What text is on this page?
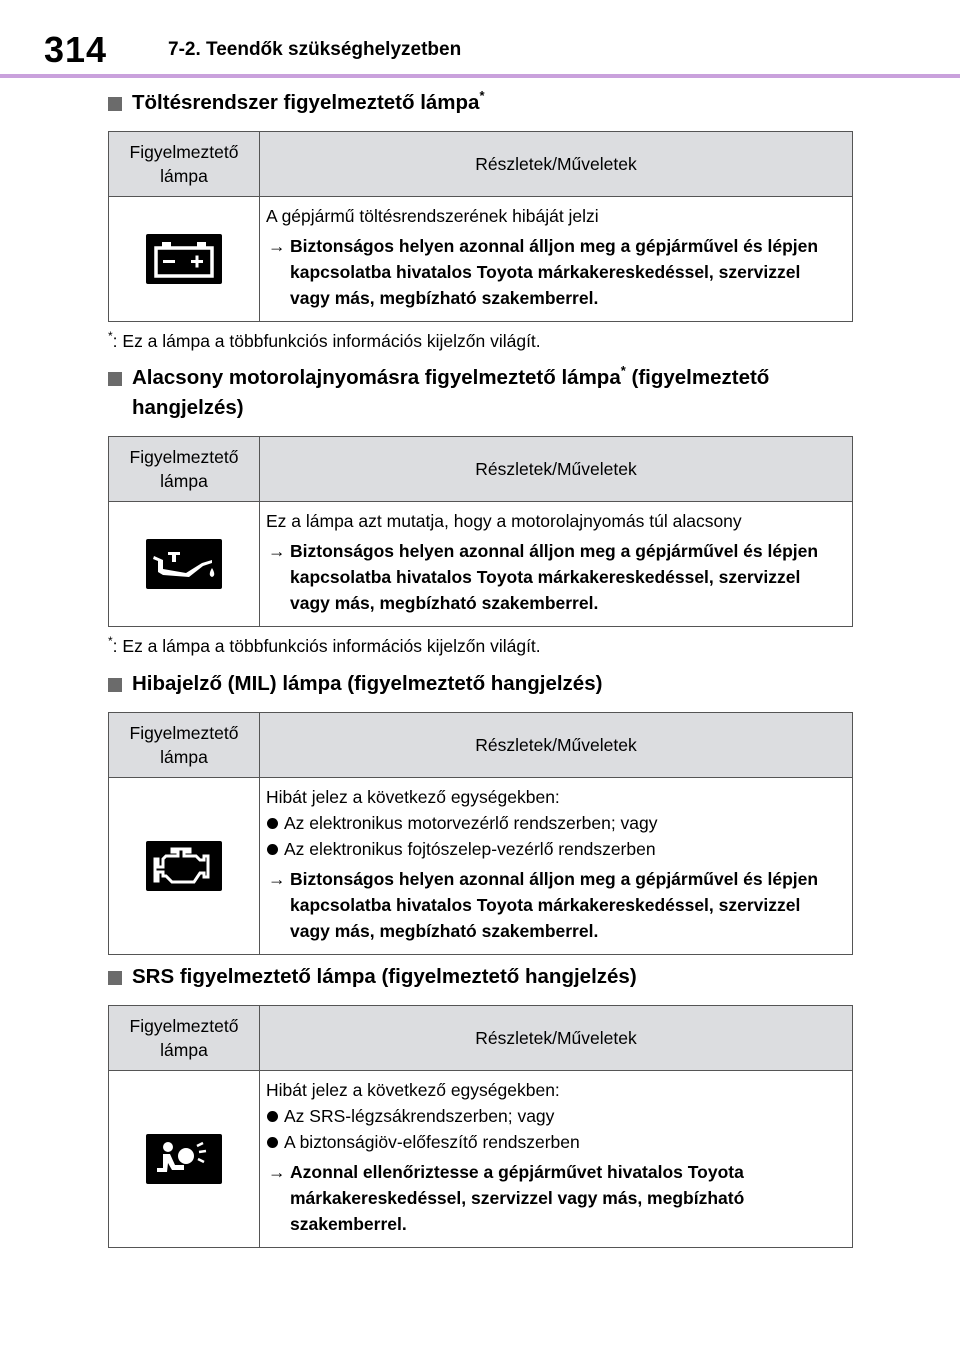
314	7-2. Teendők szükséghelyzetben
Töltésrendszer figyelmeztető lámpa*
Figyelmeztető lámpa	Részletek/Műveletek

A gépjármű töltésrendszerének hibáját jelzi

→ Biztonságos helyen azonnal álljon meg a gépjárművel és lépjen kapcsolatba hivatalos Toyota márkakereskedéssel, szervizzel vagy más, megbízható szakemberrel.

*: Ez a lámpa a többfunkciós információs kijelzőn világít.
Alacsony motorolajnyomásra figyelmeztető lámpa* (figyelmeztető hangjelzés)
Figyelmeztető lámpa	Részletek/Műveletek

Ez a lámpa azt mutatja, hogy a motorolajnyomás túl alacsony

→ Biztonságos helyen azonnal álljon meg a gépjárművel és lépjen kapcsolatba hivatalos Toyota márkakereskedéssel, szervizzel vagy más, megbízható szakemberrel.

*: Ez a lámpa a többfunkciós információs kijelzőn világít.
Hibajelző (MIL) lámpa (figyelmeztető hangjelzés)
Figyelmeztető lámpa	Részletek/Műveletek

Hibát jelez a következő egységekben:

Az elektronikus motorvezérlő rendszerben; vagy

Az elektronikus fojtószelep-vezérlő rendszerben

→ Biztonságos helyen azonnal álljon meg a gépjárművel és lépjen kapcsolatba hivatalos Toyota márkakereskedéssel, szervizzel vagy más, megbízható szakemberrel.

SRS figyelmeztető lámpa (figyelmeztető hangjelzés)
Figyelmeztető lámpa	Részletek/Műveletek

Hibát jelez a következő egységekben:

Az SRS-légzsákrendszerben; vagy

A biztonságiöv-előfeszítő rendszerben

→ Azonnal ellenőriztesse a gépjárművet hivatalos Toyota márkakereskedéssel, szervizzel vagy más, megbízható szakemberrel.
